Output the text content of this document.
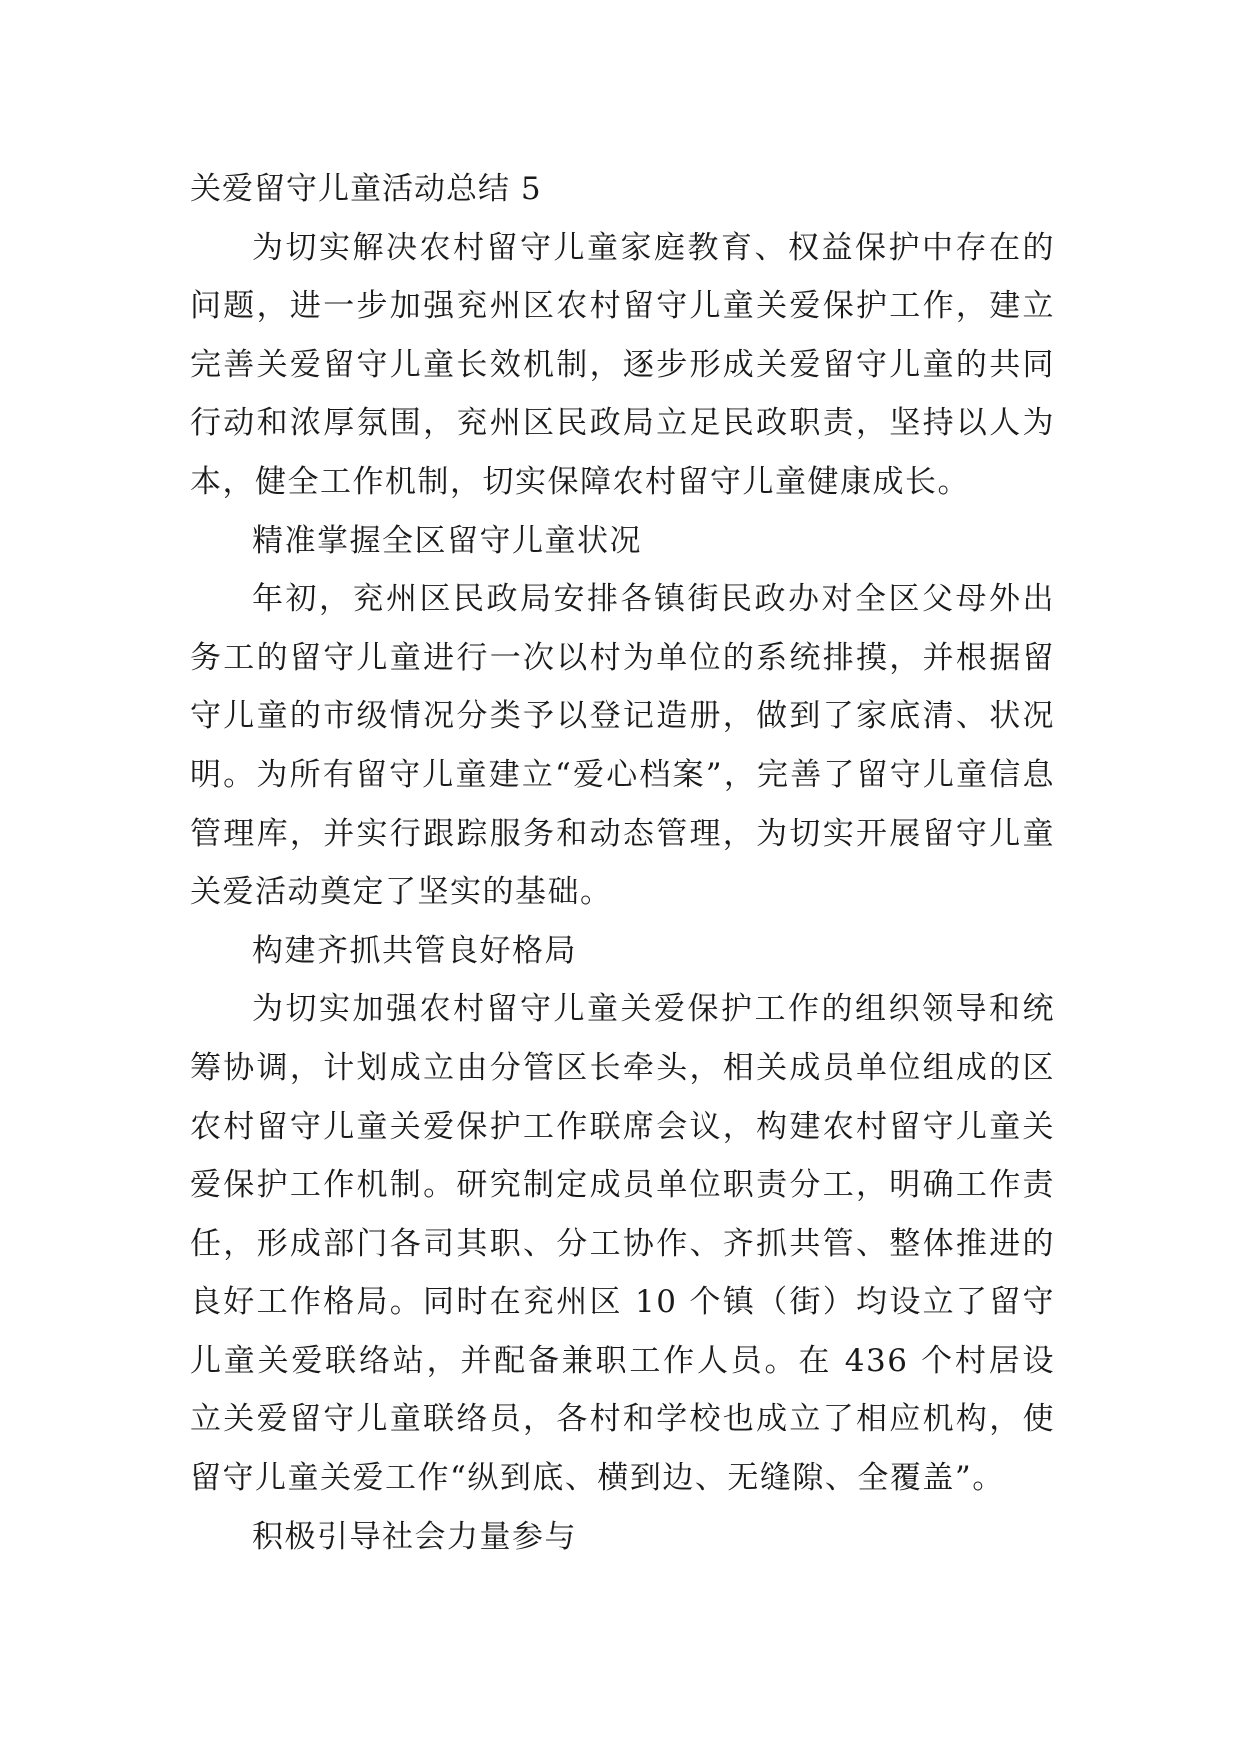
关爱留守儿童活动总结 5

为切实解决农村留守儿童家庭教育、权益保护中存在的问题，进一步加强兖州区农村留守儿童关爱保护工作，建立完善关爱留守儿童长效机制，逐步形成关爱留守儿童的共同行动和浓厚氛围，兖州区民政局立足民政职责，坚持以人为本，健全工作机制，切实保障农村留守儿童健康成长。

精准掌握全区留守儿童状况

年初，兖州区民政局安排各镇街民政办对全区父母外出务工的留守儿童进行一次以村为单位的系统排摸，并根据留守儿童的市级情况分类予以登记造册，做到了家底清、状况明。为所有留守儿童建立“爱心档案”，完善了留守儿童信息管理库，并实行跟踪服务和动态管理，为切实开展留守儿童关爱活动奠定了坚实的基础。

构建齐抓共管良好格局

为切实加强农村留守儿童关爱保护工作的组织领导和统筹协调，计划成立由分管区长牵头，相关成员单位组成的区农村留守儿童关爱保护工作联席会议，构建农村留守儿童关爱保护工作机制。研究制定成员单位职责分工，明确工作责任，形成部门各司其职、分工协作、齐抓共管、整体推进的良好工作格局。同时在兖州区 10 个镇（街）均设立了留守儿童关爱联络站，并配备兼职工作人员。在 436 个村居设立关爱留守儿童联络员，各村和学校也成立了相应机构，使留守儿童关爱工作“纵到底、横到边、无缝隙、全覆盖”。

积极引导社会力量参与
